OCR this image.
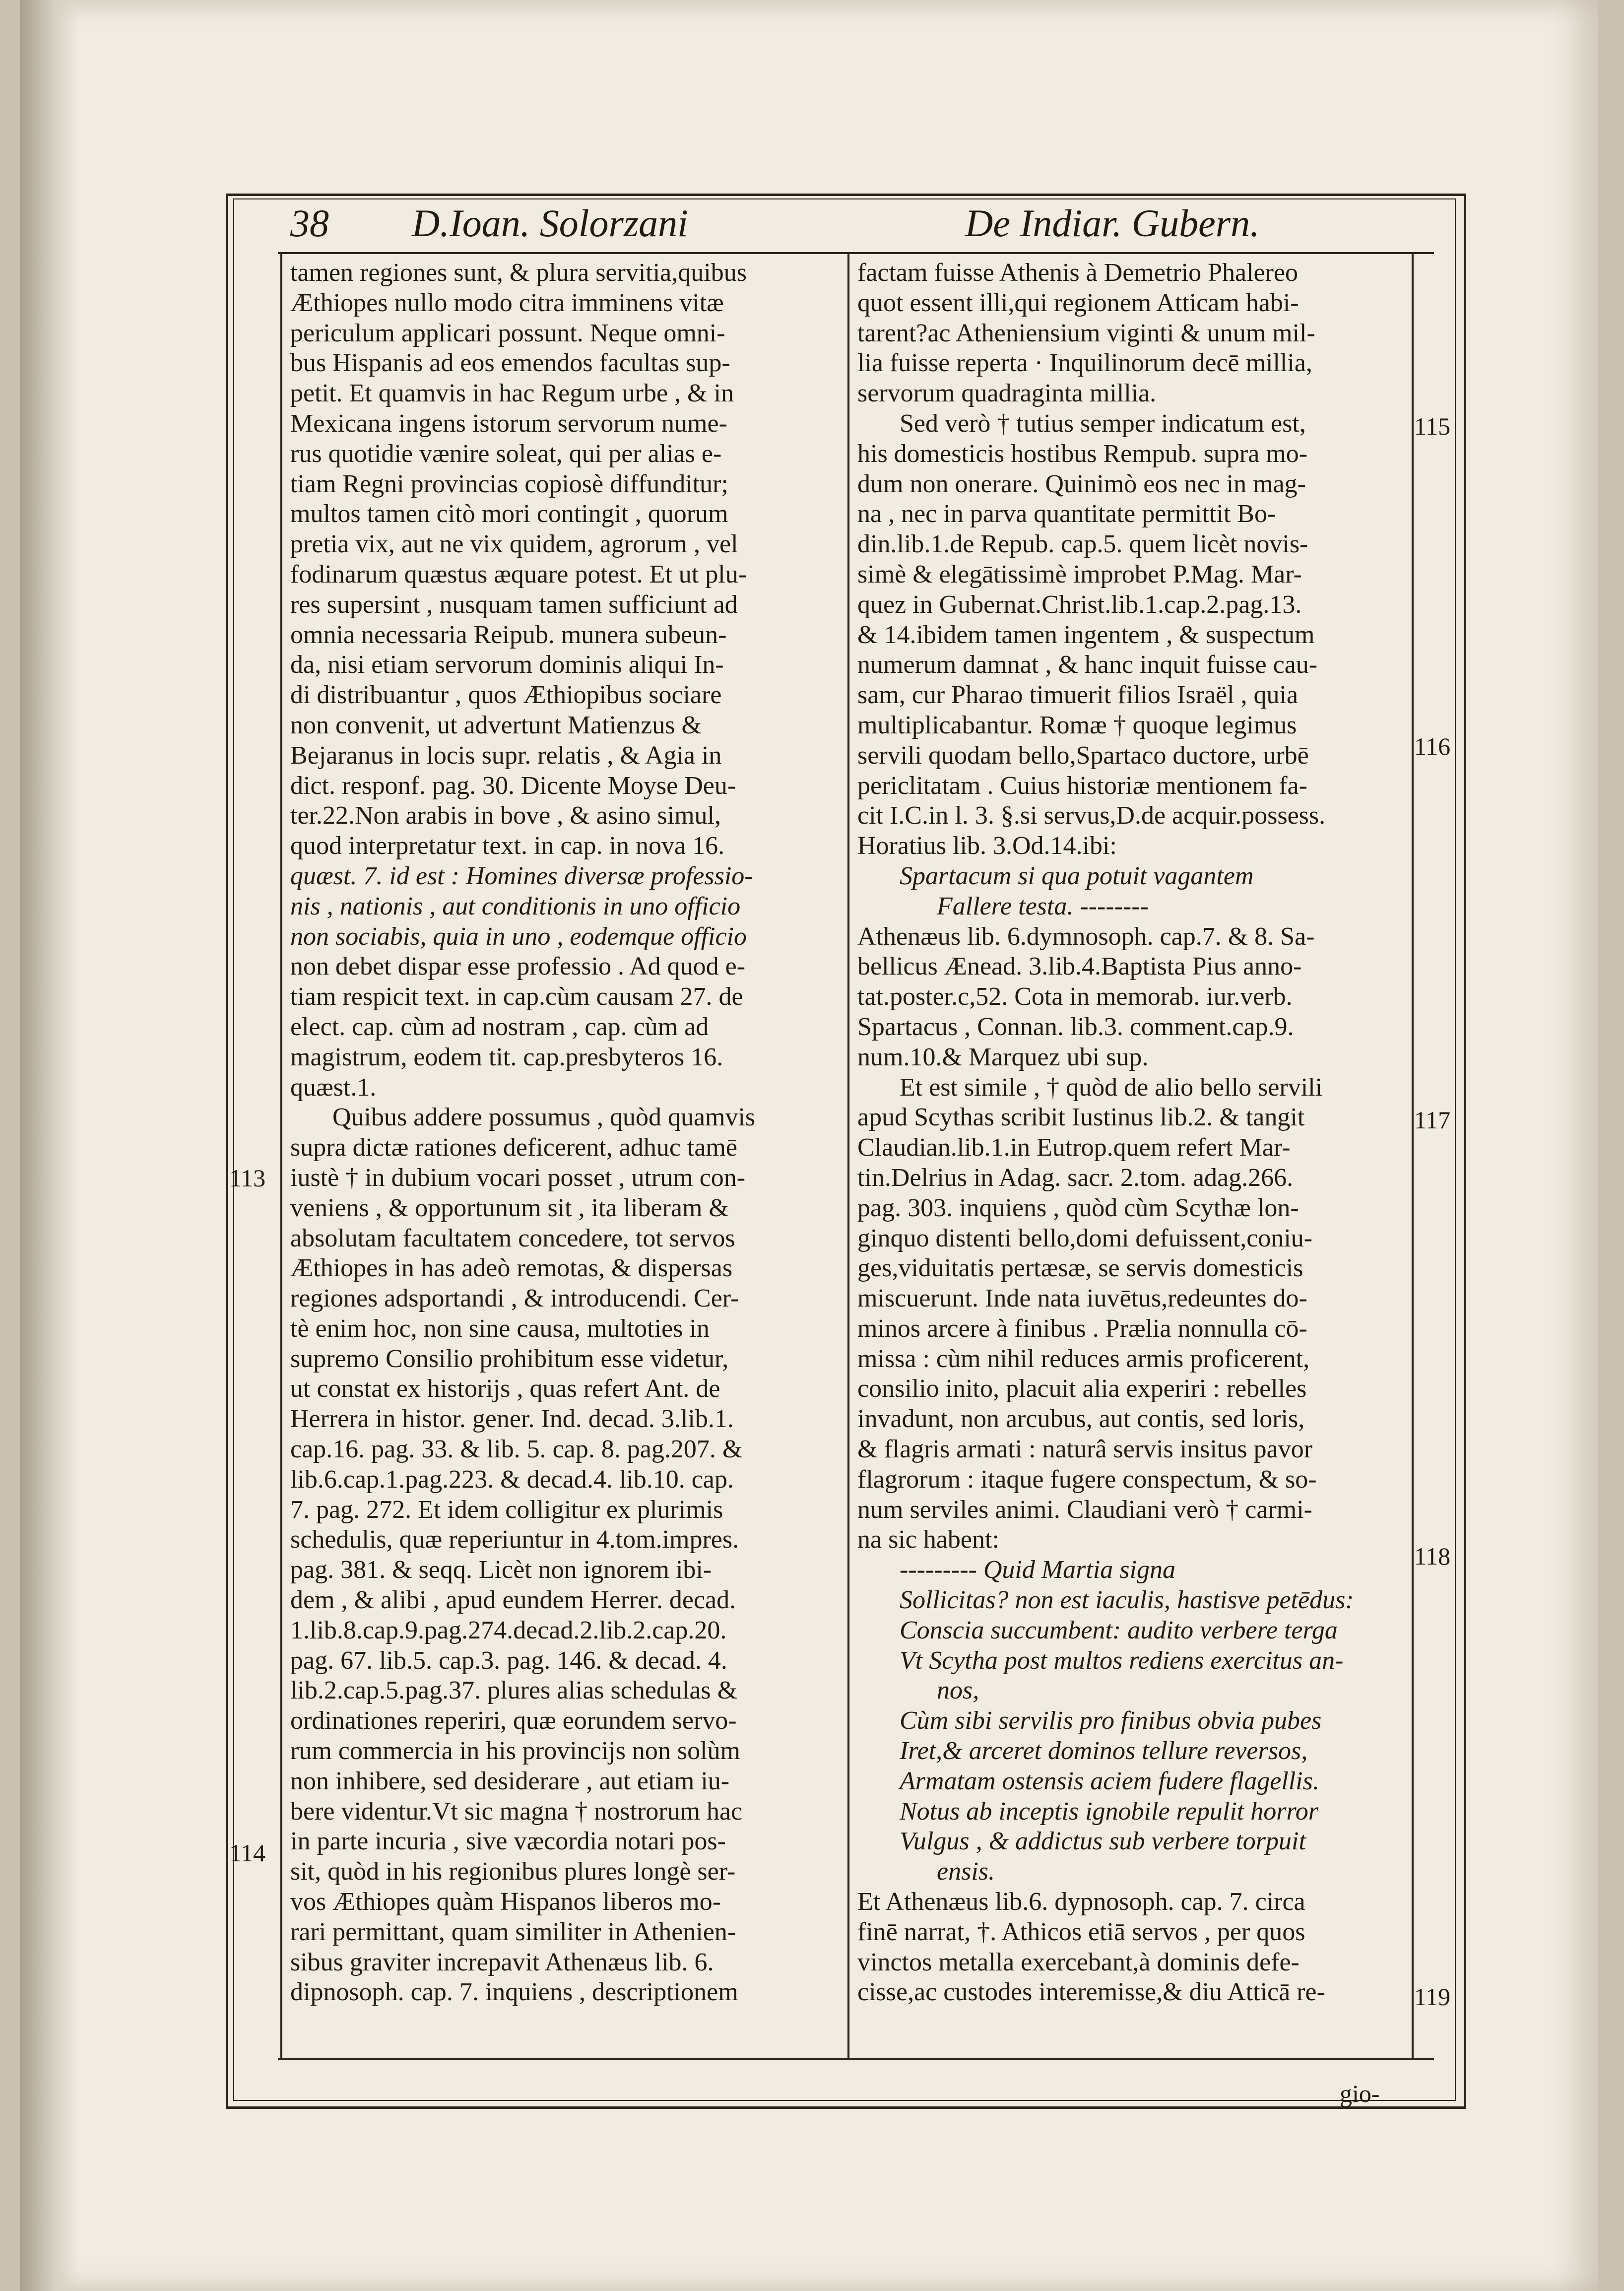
38 D.Ioan. Solorzani	De Indiar. Gubern.
tamen regiones sunt, & plura servitia,quibus
Æthiopes nullo modo citra imminens vitæ
periculum applicari possunt. Neque omni-
bus Hispanis ad eos emendos facultas sup-
petit. Et quamvis in hac Regum urbe , & in
Mexicana ingens istorum servorum nume-
rus quotidie vænire soleat, qui per alias e-
tiam Regni provincias copiosè diffunditur;
multos tamen citò mori contingit , quorum
pretia vix, aut ne vix quidem, agrorum , vel
fodinarum quæstus æquare potest. Et ut plu-
res supersint , nusquam tamen sufficiunt ad
omnia necessaria Reipub. munera subeun-
da, nisi etiam servorum dominis aliqui In-
di distribuantur , quos Æthiopibus sociare
non convenit, ut advertunt Matienzus &
Bejaranus in locis supr. relatis , & Agia in
dict. responf. pag. 30. Dicente Moyse Deu-
ter.22.Non arabis in bove , & asino simul,
quod interpretatur text. in cap. in nova 16.
quæst. 7. id est : Homines diversæ professio-
nis , nationis , aut conditionis in uno officio
non sociabis, quia in uno , eodemque officio
non debet dispar esse professio . Ad quod e-
tiam respicit text. in cap.cùm causam 27. de
elect. cap. cùm ad nostram , cap. cùm ad
magistrum, eodem tit. cap.presbyteros 16.
quæst.1.
Quibus addere possumus , quòd quamvis
supra dictæ rationes deficerent, adhuc tamē
iustè † in dubium vocari posset , utrum con-
veniens , & opportunum sit , ita liberam &
absolutam facultatem concedere, tot servos
Æthiopes in has adeò remotas, & dispersas
regiones adsportandi , & introducendi. Cer-
tè enim hoc, non sine causa, multoties in
supremo Consilio prohibitum esse videtur,
ut constat ex historijs , quas refert Ant. de
Herrera in histor. gener. Ind. decad. 3.lib.1.
cap.16. pag. 33. & lib. 5. cap. 8. pag.207. &
lib.6.cap.1.pag.223. & decad.4. lib.10. cap.
7. pag. 272. Et idem colligitur ex plurimis
schedulis, quæ reperiuntur in 4.tom.impres.
pag. 381. & seqq. Licèt non ignorem ibi-
dem , & alibi , apud eundem Herrer. decad.
1.lib.8.cap.9.pag.274.decad.2.lib.2.cap.20.
pag. 67. lib.5. cap.3. pag. 146. & decad. 4.
lib.2.cap.5.pag.37. plures alias schedulas &
ordinationes reperiri, quæ eorundem servo-
rum commercia in his provincijs non solùm
non inhibere, sed desiderare , aut etiam iu-
bere videntur.Vt sic magna † nostrorum hac
in parte incuria , sive væcordia notari pos-
sit, quòd in his regionibus plures longè ser-
vos Æthiopes quàm Hispanos liberos mo-
rari permittant, quam similiter in Athenien-
sibus graviter increpavit Athenæus lib. 6.
dipnosoph. cap. 7. inquiens , descriptionem
factam fuisse Athenis à Demetrio Phalereo
quot essent illi,qui regionem Atticam habi-
tarent?ac Atheniensium viginti & unum mil-
lia fuisse reperta · Inquilinorum decē millia,
servorum quadraginta millia.
Sed verò † tutius semper indicatum est,
his domesticis hostibus Rempub. supra mo-
dum non onerare. Quinimò eos nec in mag-
na , nec in parva quantitate permittit Bo-
din.lib.1.de Repub. cap.5. quem licèt novis-
simè & elegātissimè improbet P.Mag. Mar-
quez in Gubernat.Christ.lib.1.cap.2.pag.13.
& 14.ibidem tamen ingentem , & suspectum
numerum damnat , & hanc inquit fuisse cau-
sam, cur Pharao timuerit filios Israël , quia
multiplicabantur. Romæ † quoque legimus
servili quodam bello,Spartaco ductore, urbē
periclitatam . Cuius historiæ mentionem fa-
cit I.C.in l. 3. §.si servus,D.de acquir.possess.
Horatius lib. 3.Od.14.ibi:
Spartacum si qua potuit vagantem
Fallere testa. --------
Athenæus lib. 6.dymnosoph. cap.7. & 8. Sa-
bellicus Ænead. 3.lib.4.Baptista Pius anno-
tat.poster.c,52. Cota in memorab. iur.verb.
Spartacus , Connan. lib.3. comment.cap.9.
num.10.& Marquez ubi sup.
Et est simile , † quòd de alio bello servili
apud Scythas scribit Iustinus lib.2. & tangit
Claudian.lib.1.in Eutrop.quem refert Mar-
tin.Delrius in Adag. sacr. 2.tom. adag.266.
pag. 303. inquiens , quòd cùm Scythæ lon-
ginquo distenti bello,domi defuissent,coniu-
ges,viduitatis pertæsæ, se servis domesticis
miscuerunt. Inde nata iuvētus,redeuntes do-
minos arcere à finibus . Prælia nonnulla cō-
missa : cùm nihil reduces armis proficerent,
consilio inito, placuit alia experiri : rebelles
invadunt, non arcubus, aut contis, sed loris,
& flagris armati : naturâ servis insitus pavor
flagrorum : itaque fugere conspectum, & so-
num serviles animi. Claudiani verò † carmi-
na sic habent:
--------- Quid Martia signa
Sollicitas? non est iaculis, hastisve petēdus:
Conscia succumbent: audito verbere terga
Vt Scytha post multos rediens exercitus an-
nos,
Cùm sibi servilis pro finibus obvia pubes
Iret,& arceret dominos tellure reversos,
Armatam ostensis aciem fudere flagellis.
Notus ab inceptis ignobile repulit horror
Vulgus , & addictus sub verbere torpuit
ensis.
Et Athenæus lib.6. dypnosoph. cap. 7. circa
finē narrat, †. Athicos etiā servos , per quos
vinctos metalla exercebant,à dominis defe-
cisse,ac custodes interemisse,& diu Atticā re-
113
114
115
116
117
118
119
gio-
